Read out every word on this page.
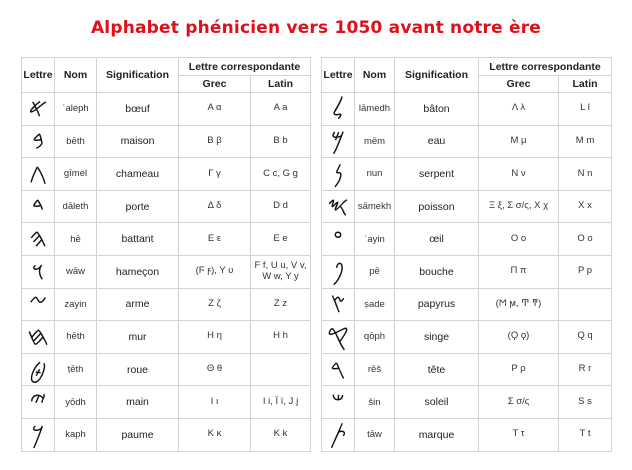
Alphabet phénicien vers 1050 avant notre ère
Lettre	Nom	Signification	Lettre correspondante	
			Grec	Latin
𐤀	ʾaleph	bœuf	Α α	A a
𐤁	bēth	maison	Β β	B b
𐤂	gīmel	chameau	Γ γ	C c, G g
𐤃	dāleth	porte	Δ δ	D d
𐤄	hē	battant	Ε ε	E e
𐤅	wāw	hameçon	(Ϝ ϝ), Υ υ	F f, U u, V v, W w, Y y
𐤆	zayin	arme	Ζ ζ	Z z
𐤇	ḥēth	mur	Η η	H h
𐤈	ṭēth	roue	Θ θ	
𐤉	yōdh	main	Ι ι	I i, Ï ï, J j
𐤊	kaph	paume	Κ κ	K k
Lettre	Nom	Signification	Lettre correspondante	
			Grec	Latin
𐤋	lāmedh	bâton	Λ λ	L l
𐤌	mēm	eau	Μ μ	M m
𐤍	nun	serpent	Ν ν	N n
𐤎	sāmekh	poisson	Ξ ξ, Σ σ/ς, Χ χ	X x
𐤏	ʿayin	œil	Ο ο	O o
𐤐	pē	bouche	Π π	P p
𐤑	ṣade	papyrus	(Ϻ ϻ, Ͳ ͳ)	
𐤒	qōph	singe	(Ϙ ϙ)	Q q
𐤓	rēš	tête	Ρ ρ	R r
𐤔	šin	soleil	Σ σ/ς	S s
𐤕	tāw	marque	Τ τ	T t
